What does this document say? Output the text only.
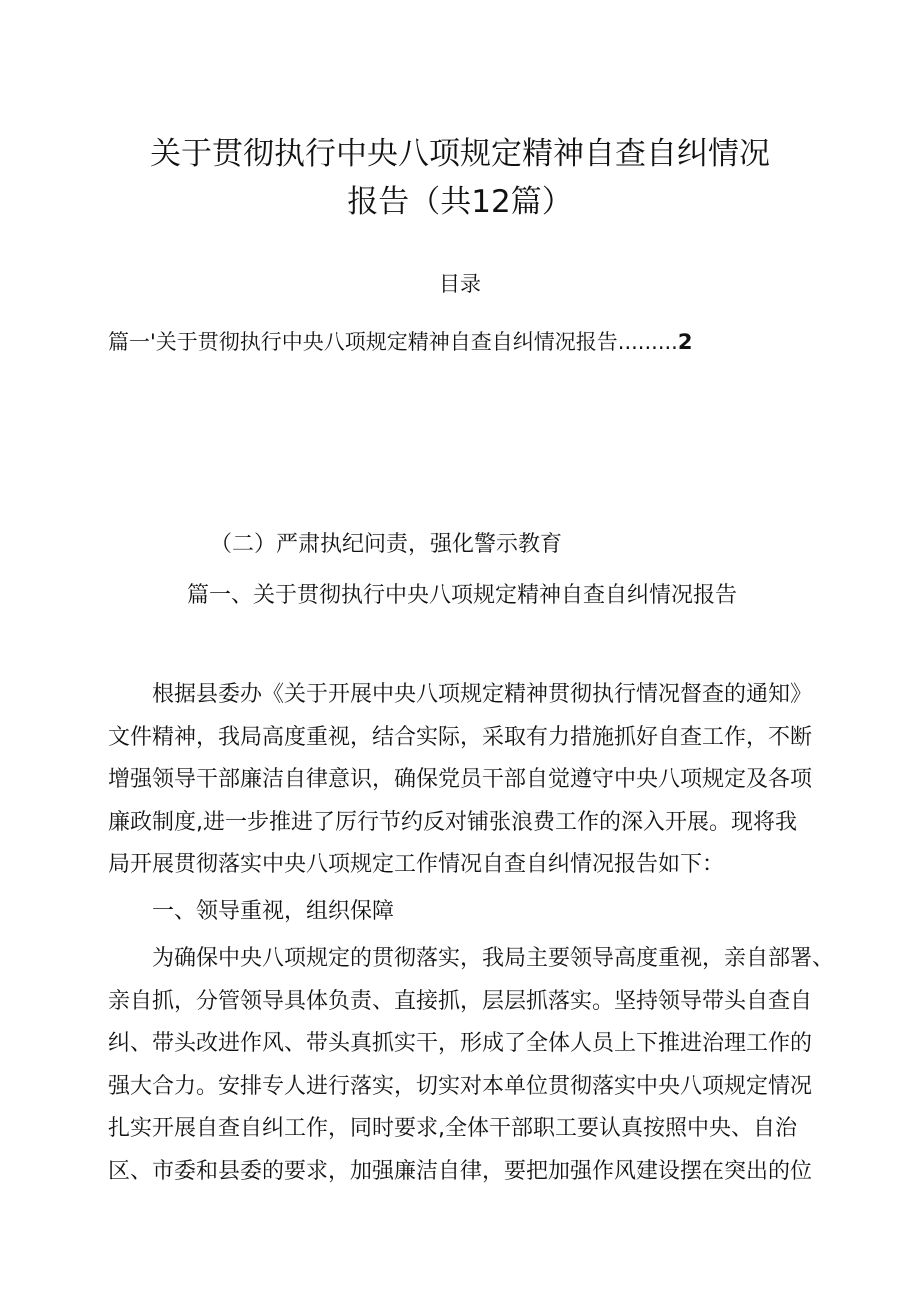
关于贯彻执行中央八项规定精神自查自纠情况
报告（共12篇）
目录
篇一'关于贯彻执行中央八项规定精神自查自纠情况报告.........2
（二）严肃执纪问责，强化警示教育
篇一、关于贯彻执行中央八项规定精神自查自纠情况报告
　　根据县委办《关于开展中央八项规定精神贯彻执行情况督查的通知》
文件精神，我局高度重视，结合实际，采取有力措施抓好自查工作，不断
增强领导干部廉洁自律意识，确保党员干部自觉遵守中央八项规定及各项
廉政制度,进一步推进了厉行节约反对铺张浪费工作的深入开展。现将我
局开展贯彻落实中央八项规定工作情况自查自纠情况报告如下：
一、领导重视，组织保障
　　为确保中央八项规定的贯彻落实，我局主要领导高度重视，亲自部署、
亲自抓，分管领导具体负责、直接抓，层层抓落实。坚持领导带头自查自
纠、带头改进作风、带头真抓实干，形成了全体人员上下推进治理工作的
强大合力。安排专人进行落实，切实对本单位贯彻落实中央八项规定情况
扎实开展自查自纠工作，同时要求,全体干部职工要认真按照中央、自治
区、市委和县委的要求，加强廉洁自律，要把加强作风建设摆在突出的位
